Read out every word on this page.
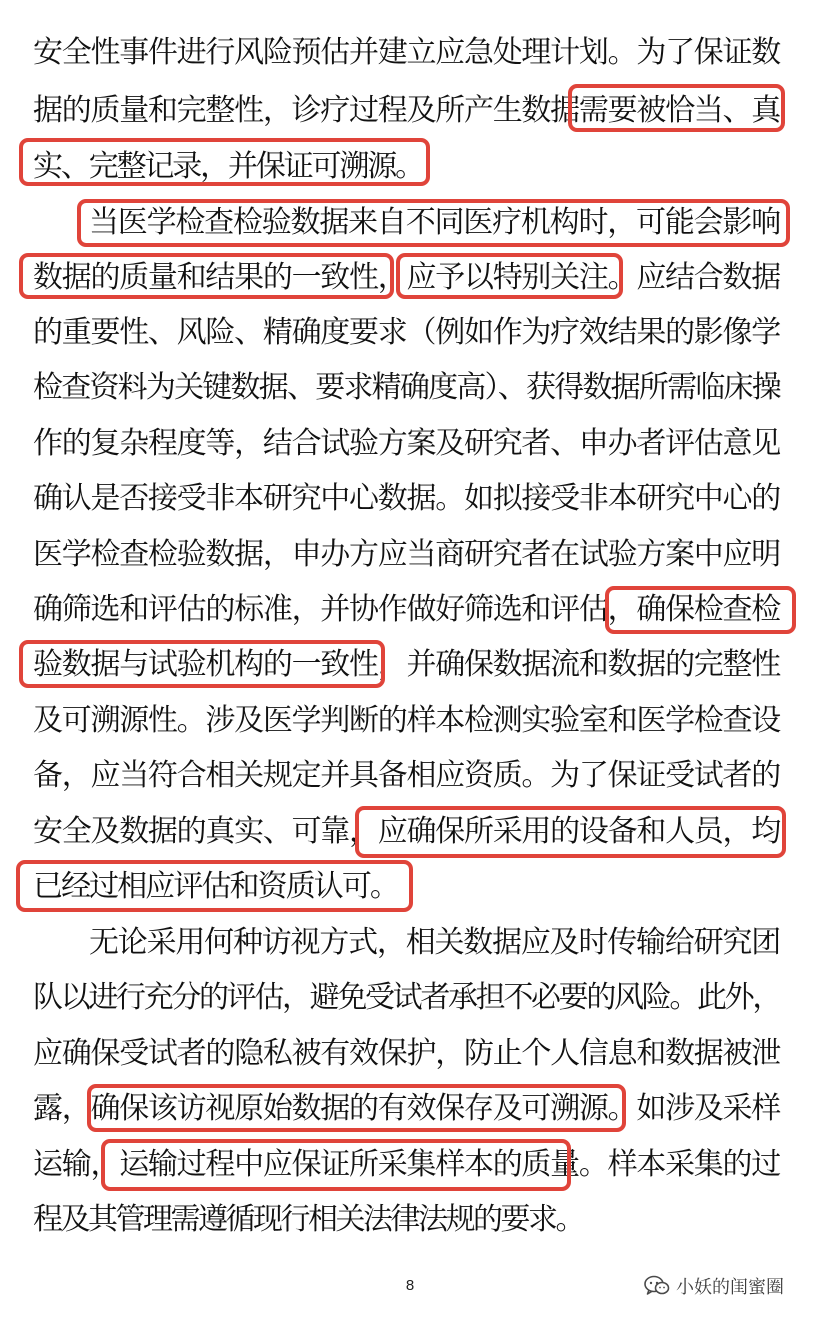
安全性事件进行风险预估并建立应急处理计划。为了保证数
据的质量和完整性，诊疗过程及所产生数据需要被恰当、真
实、完整记录，并保证可溯源。
当医学检查检验数据来自不同医疗机构时，可能会影响
数据的质量和结果的一致性，应予以特别关注。应结合数据
的重要性、风险、精确度要求（例如作为疗效结果的影像学
检查资料为关键数据、要求精确度高）、获得数据所需临床操
作的复杂程度等，结合试验方案及研究者、申办者评估意见
确认是否接受非本研究中心数据。如拟接受非本研究中心的
医学检查检验数据，申办方应当商研究者在试验方案中应明
确筛选和评估的标准，并协作做好筛选和评估，确保检查检
验数据与试验机构的一致性，并确保数据流和数据的完整性
及可溯源性。涉及医学判断的样本检测实验室和医学检查设
备，应当符合相关规定并具备相应资质。为了保证受试者的
安全及数据的真实、可靠，应确保所采用的设备和人员，均
已经过相应评估和资质认可。
无论采用何种访视方式，相关数据应及时传输给研究团
队以进行充分的评估，避免受试者承担不必要的风险。此外，
应确保受试者的隐私被有效保护，防止个人信息和数据被泄
露，确保该访视原始数据的有效保存及可溯源。如涉及采样
运输，运输过程中应保证所采集样本的质量。样本采集的过
程及其管理需遵循现行相关法律法规的要求。
8	小妖的闺蜜圈
